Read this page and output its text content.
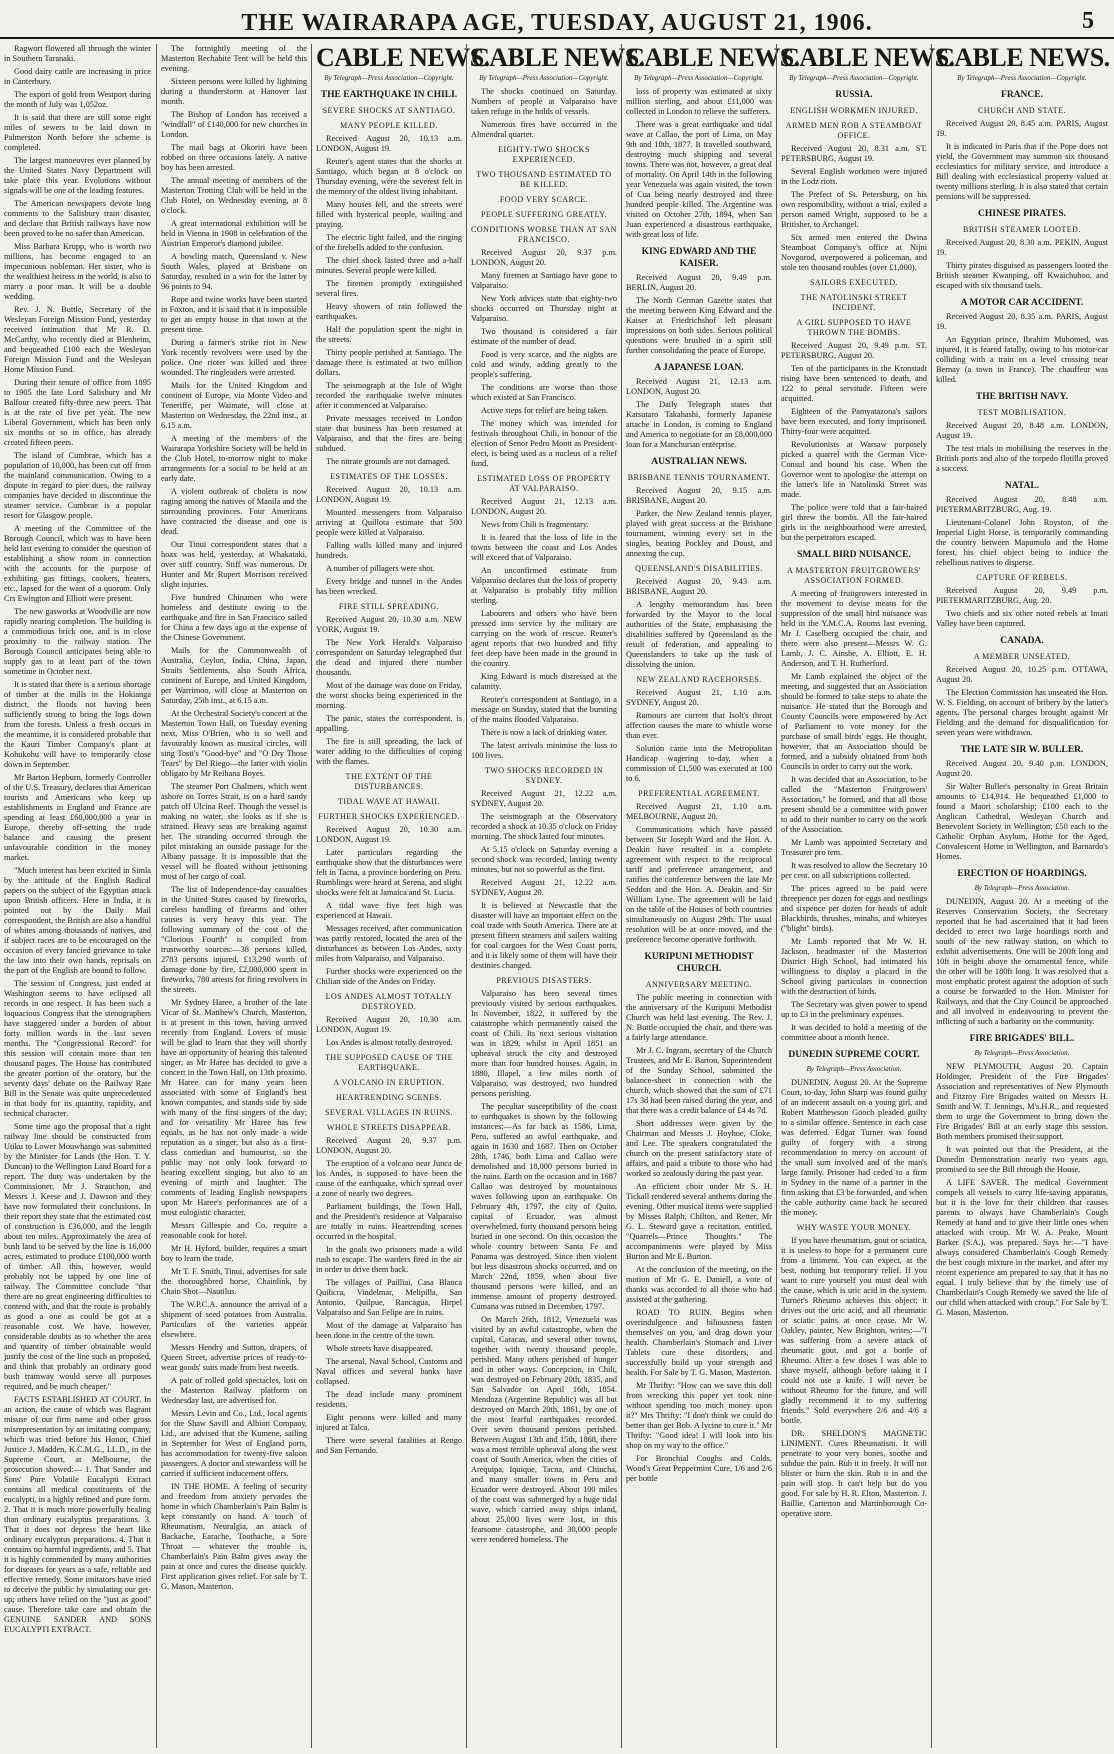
THE WAIRARAPA AGE, TUESDAY, AUGUST 21, 1906.	5

Ragwort flowered all through the winter in Southern Taranaki.

Good dairy cattle are increasing in price in Canterbury.

The export of gold from Westport during the month of July was 1,052oz.

It is said that there are still some eight miles of sewers to be laid down in Palmerston North before the scheme is completed.

The largest manoeuvres ever planned by the United States Navy Department will take place this year. Evolutions without signals will be one of the leading features.

The American newspapers devote long comments to the Salisbury train disaster, and declare that British railways have now been proved to be no safer than American.

Miss Barbara Krupp, who is worth two millions, has become engaged to an impecunious nobleman. Her sister, who is the wealthiest heiress in the world, is also to marry a poor man. It will be a double wedding.

Rev. J. N. Buttle, Secretary of the Wesleyan Foreign Mission Fund, yesterday received intimation that Mr R. D. McCarthy, who recently died at Blenheim, and bequeathed £100 each the Wesleyan Foreign Mission Fund and the Wesleyan Home Mission Fund.

During their tenure of office from 1895 to 1905 the late Lord Salisbury and Mr Balfour created fifty-three new peers. That is at the rate of five per year. The new Liberal Government, which has been only six months or so in office, has already created fifteen peers.

The island of Cumbrae, which has a population of 10,000, has been cut off from the mainland communication. Owing to a dispute in regard to pier dues, the railway companies have decided to discontinue the steamer service. Cumbrae is a popular resort for Glasgow people.

A meeting of the Committee of the Borough Council, which was to have been held last evening to consider the question of establishing a show room in connection with the accounts for the purpose of exhibiting gas fittings, cookers, heaters, etc., lapsed for the want of a quorum. Only Crs Ewington and Elliott were present.

The new gasworks at Woodville are now rapidly nearing completion. The building is a commodious brick one, and is in close proximity to the railway station. The Borough Council anticipates being able to supply gas to at least part of the town sometime in October next.

It is stated that there is a serious shortage of timber at the mills in the Hokianga district, the floods not having been sufficiently strong to bring the logs down from the forests. Unless a fresh occurs in the meantime, it is considered probable that the Kauri Timber Company's plant at Kohukohu will have to temporarily close down in September.

Mr Barton Hepburn, formerly Controller of the U.S. Treasury, declares that American tourists and Americans who keep up establishments in England and France are spending at least £60,000,000 a year in Europe, thereby off-setting the trade balance and causing the present unfavourable condition in the money market.

"Much interest has been excited in Simla by the attitude of the English Radical papers on the subject of the Egyptian attack upon British officers. Here in India, it is pointed out by the Daily Mail correspondent, the British are also a handful of whites among thousands of natives, and if subject races are to be encouraged on the occasion of every fancied grievance to take the law into their own hands, reprisals on the part of the English are bound to follow.

The session of Congress, just ended at Washington seems to have eclipsed all records in one respect. It has been such a loquacious Congress that the stenographers have staggered under a burden of about forty million words in the last seven months. The "Congressional Record" for this session will contain more than ten thousand pages. The House has contributed the greater portion of the oratory, but the seventy days' debate on the Railway Rate Bill in the Senate was quite unprecedented in that body for its quantity, rapidity, and technical character.

Some time ago the proposal that a tight railway line should be constructed from Utiku to Lower Mouwhango was submitted by the Minister for Lands (the Hon. T. Y. Duncan) to the Wellington Land Board for a report. The duty was undertaken by the Commissioner, Mr J. Strauchon, and Messrs J. Keese and J. Dawson and they have now formulated their conclusions. In their report they state that the estimated cost of construction is £36,000, and the length about ten miles. Approximately the area of bush land to be served by the line is 16,000 acres, estimated to produce £100,000 worth of timber. All this, however, would probably not be tapped by one line of railway. The Committee conclude "that there are no great engineering difficulties to contend with, and that the route is probably as good a one as could be got at a reasonable cost. We have, however, considerable doubts as to whether the area and quantity of timber obtainable would justify the cost of the line such as proposed, and think that probably an ordinary good bush tramway would serve all purposes required, and be much cheaper."

FACTS ESTABLISHED AT COURT. In an action, the cause of which was flagrant misuse of our firm name and other gross misrepresentation by an imitating company, which was tried before his Honor, Chief Justice J. Madden, K.C.M.G., LL.D., in the Supreme Court, at Melbourne, the prosecution showed:— 1. That Sander and Sons' Pure Volatile Eucalypti Extract contains all medical constituents of the eucalypti, in a highly refined and pure form. 2. That it is much more powerfully healing than ordinary eucalyptus preparations. 3. That it does not depress the heart like ordinary eucalyptus preparations. 4. That it contains no harmful ingredients, and 5. That it is highly commended by many authorities for diseases for years as a safe, reliable and effective remedy. Some imitators have tried to deceive the public by simulating our get-up; others have relied on the "just as good" cause. Therefore take care and obtain the GENUINE SANDER AND SONS EUCALYPTI EXTRACT.

The fortnightly meeting of the Masterton Rechabite Tent will be held this evening.

Sixteen persons were killed by lightning during a thunderstorm at Hanover last month.

The Bishop of London has received a "windfall" of £140,000 for new churches in London.

The mail bags at Okoriri have been robbed on three occasions lately. A native boy has been arrested.

The annual meeting of members of the Masterton Trotting Club will be held in the Club Hotel, on Wednesday evening, at 8 o'clock.

A great international exhibition will be held in Vienna in 1908 in celebration of the Austrian Emperor's diamond jubilee.

A bowling match, Queensland v. New South Wales, played at Brisbane on Saturday, resulted in a win for the latter by 96 points to 94.

Rope and twine works have been started in Foxton, and it is said that it is impossible to get an empty house in that town at the present time.

During a farmer's strike riot in New York recently revolvers were used by the police. One rioter was killed and three wounded. The ringleaders were arrested.

Mails for the United Kingdom and continent of Europe, via Monte Video and Teneriffe, per Waimate, will close at Masterton on Wednesday, the 22nd inst., at 6.15 a.m.

A meeting of the members of the Wairarapa Yorkshire Society will be held in the Club Hotel, to-morrow night to make arrangements for a social to be held at an early date.

A violent outbreak of cholera is now raging among the natives of Manila and the surrounding provinces. Four Americans have contracted the disease and one is dead.

Our Tinui correspondent states that a hoax was held, yesterday, at Whakataki, over stiff country. Stiff was numerous. Dr Hunter and Mr Rupert Morrison received slight injuries.

Five hundred Chinamen who were homeless and destitute owing to the earthquake and fire in San Francisco sailed for China a few days ago at the expense of the Chinese Government.

Mails for the Commonwealth of Australia, Ceylon, India, China, Japan, Straits Settlements, also South Africa, continent of Europe, and United Kingdom, per Warrimoo, will close at Masterton on Saturday, 25th inst., at 6.15 a.m.

At the Orchestral Society's concert at the Masterton Town Hall, on Tuesday evening next, Miss O'Brien, who is so well and favourably known as musical circles, will sing Tosti's "Good-bye" and "O Dry Those Tears" by Del Riego—the latter with violin obligato by Mr Reihana Boyes.

The steamer Port Chalmers, which went ashore on Torres Strait, is on a hard sandy patch off Ulcina Reef. Though the vessel is making no water, she looks as if she is strained. Heavy seas are breaking against her. The stranding occurred through the pilot mistaking an outside passage for the Albany passage. It is impossible that the vessel will be floated without jettisoning most of her cargo of coal.

The list of Independence-day casualties in the United States caused by fireworks, careless handling of firearms and other causes is very heavy this year. The following summary of the cost of the "Glorious Fourth" is compiled from trustworthy sources:—38 persons killed, 2783 persons injured, £13,290 worth of damage done by fire, £2,000,000 spent in fireworks, 780 arrests for firing revolvers in the streets.

Mr Sydney Haree, a brother of the late Vicar of St. Matthew's Church, Masterton, is at present in this town, having arrived recently from England. Lovers of music will be glad to learn that they will shortly have an opportunity of hearing this talented singer, as Mr Haree has decided to give a concert in the Town Hall, on 13th proximo. Mr Haree can for many years been associated with some of England's best known companies, and stands side by side with many of the first singers of the day; and for versatility Mr Haree has few equals, as he has not only made a wide reputation as a singer, but also as a first-class comedian and humourist, so the public may not only look forward to hearing excellent singing, but also to an evening of mirth and laughter. The comments of leading English newspapers upon Mr Haree's performances are of a most eulogistic character.

Messrs Gillespie and Co. require a reasonable cook for hotel.

Mr H. Hyford, builder, requires a smart boy to learn the trade.

Mr T. F. Smith, Tinui, advertises for sale the thoroughbred horse, Chainlink, by Chain Shot—Nautilus.

The W.P.C.A. announce the arrival of a shipment of seed potatoes from Australia. Particulars of the varieties appear elsewhere.

Messrs Hendry and Sutton, drapers, of Queen Street, advertise prices of ready-to-wear goods' suits made from best tweeds.

A pair of rolled gold spectacles, lost on the Masterton Railway platform on Wednesday last, are advertised for.

Messrs Levin and Co., Ltd., local agents for the Shaw Savill and Albion Company, Ltd., are advised that the Kumene, sailing in September for West of England ports, has accommodation for twenty-five saloon passengers. A doctor and stewardess will be carried if sufficient inducement offers.

IN THE HOME. A feeling of security and freedom from anxiety pervades the home in which Chamberlain's Pain Balm is kept constantly on hand. A touch of Rheumatism, Neuralgia, an attack of Backache, Earache, Toothache, a Sore Throat — whatever the trouble is, Chamberlain's Pain Balm gives away the pain at once and cures the disease quickly. First application gives relief. For sale by T. G. Mason, Masterton.

CABLE NEWS.

By Telegraph—Press Association—Copyright.

THE EARTHQUAKE IN CHILI.
SEVERE SHOCKS AT SANTIAGO.
MANY PEOPLE KILLED.

Received August 20, 10.13 a.m. LONDON, August 19.

Reuter's agent states that the shocks at Santiago, which began at 8 o'clock on Thursday evening, were the severest felt in the memory of the oldest living inhabitant.

Many houses fell, and the streets were filled with hysterical people, wailing and praying.

The electric light failed, and the ringing of the firebells added to the confusion.

The chief shock lasted three and a-half minutes. Several people were killed.

The firemen promptly extinguished several fires.

Heavy showers of rain followed the earthquakes.

Half the population spent the night in the streets.

Thirty people perished at Santiago. The damage there is estimated at two million dollars.

The seismograph at the Isle of Wight recorded the earthquake twelve minutes after it commenced at Valparaiso.

Private messages received in London state that business has been resumed at Valparaiso, and that the fires are being subdued.

The nitrate grounds are not damaged.

ESTIMATES OF THE LOSSES.

Received August 20, 10.13 a.m. LONDON, August 19.

Mounted messengers from Valparaiso arriving at Quillota estimate that 500 people were killed at Valparaiso.

Falling walls killed many and injured hundreds.

A number of pillagers were shot.

Every bridge and tunnel in the Andes has been wrecked.

FIRE STILL SPREADING.

Received August 20, 10.30 a.m. NEW YORK, August 19.

The New York Herald's Valparaiso correspondent on Saturday telegraphed that the dead and injured there number thousands.

Most of the damage was done on Friday, the worst shocks being experienced in the morning.

The panic, states the correspondent, is appalling.

The fire is still spreading, the lack of water adding to the difficulties of coping with the flames.

THE EXTENT OF THE DISTURBANCES.
TIDAL WAVE AT HAWAII.
FURTHER SHOCKS EXPERIENCED.

Received August 20, 10.30 a.m. LONDON, August 19.

Later particulars regarding the earthquake show that the disturbances were felt in Tacna, a province bordering on Peru. Rumblings were heard at Serena, and slight shocks were felt at Jamaica and St. Lucia.

A tidal wave five feet high was experienced at Hawaii.

Messages received, after communication was partly restored, located the area of the disturbances as between Los Andes, sixty miles from Valparaiso, and Valparaiso.

Further shocks were experienced on the Chilian side of the Andes on Friday.

LOS ANDES ALMOST TOTALLY DESTROYED.

Received August 20, 10.30 a.m. LONDON, August 19.

Los Andes is almost totally destroyed.

THE SUPPOSED CAUSE OF THE EARTHQUAKE.
A VOLCANO IN ERUPTION.
HEARTRENDING SCENES.
SEVERAL VILLAGES IN RUINS.
WHOLE STREETS DISAPPEAR.

Received August 20, 9.37 p.m. LONDON, August 20.

The eruption of a volcano near Junca de los Andes, is supposed to have been the cause of the earthquake, which spread over a zone of nearly two degrees.

Parliament buildings, the Town Hall, and the President's residence at Valparaiso are totally in ruins. Heartrending scenes occurred in the hospital.

In the goals two prisoners made a wild rush to escape. The warders fired in the air in order to drive them back.

The villages of Pailliai, Casa Blanca Quilicra, Vindelmar, Melipilla, San Antonio, Quilpue, Rancagua, Hirpel Valparaiso and San Felipe are in ruins.

Most of the damage at Valparaiso has been done in the centre of the town.

Whole streets have disappeared.

The arsenal, Naval School, Customs and Naval offices and several banks have collapsed.

The dead include many prominent residents.

Eight persons were killed and many injured at Talca.

There were several fatalities at Rengo and San Fernando.

CABLE NEWS.

By Telegraph—Press Association—Copyright.

The shocks continued on Saturday. Numbers of people at Valparaiso have taken refuge in the holds of vessels.

Numerous fires have occurred in the Almendral quarter.

EIGHTY-TWO SHOCKS EXPERIENCED.
TWO THOUSAND ESTIMATED TO BE KILLED.
FOOD VERY SCARCE.
PEOPLE SUFFERING GREATLY.
CONDITIONS WORSE THAN AT SAN FRANCISCO.

Received August 20, 9.37 p.m. LONDON, August 20.

Many firemen at Santiago have gone to Valparaiso.

New York advices state that eighty-two shocks occurred on Thursday night at Valparaiso.

Two thousand is considered a fair estimate of the number of dead.

Food is very scarce, and the nights are cold and windy, adding greatly to the people's suffering.

The conditions are worse than those which existed at San Francisco.

Active steps for relief are being taken.

The money which was intended for festivals throughout Chili, in honour of the election of Senor Pedro Montt as President-elect, is being used as a nucleus of a relief fund.

ESTIMATED LOSS OF PROPERTY AT VALPARAISO.

Received August 21, 12.13 a.m. LONDON, August 20.

News from Chili is fragmentary.

It is feared that the loss of life in the towns between the coast and Los Andes will exceed that of Valparaiso.

An unconfirmed estimate from Valparaiso declares that the loss of property at Valparaiso is probably fifty million sterling.

Labourers and others who have been pressed into service by the military are carrying on the work of rescue. Reuter's agent reports that two hundred and fifty feet deep have been made in the ground in the country.

King Edward is much distressed at the calamity.

Reuter's correspondent at Santiago, in a message on Sunday, stated that the bursting of the mains flooded Valparaiso.

There is now a lack of drinking water.

The latest arrivals minimise the loss to 100 lives.

TWO SHOCKS RECORDED IN SYDNEY.

Received August 21, 12.22 a.m. SYDNEY, August 20.

The seismograph at the Observatory recorded a shock at 10.35 o'clock on Friday morning. The shock lasted four minutes.

At 5.15 o'clock on Saturday evening a second shock was recorded, lasting twenty minutes, but not so powerful as the first.

Received August 21, 12.22 a.m. SYDNEY, August 20.

It is believed at Newcastle that the disaster will have an important effect on the coal trade with South America. There are at present fifteen steamers and sailers waiting for coal cargoes for the West Coast ports, and it is likely some of them will have their destinies changed.

PREVIOUS DISASTERS.

Valparaiso has been several times previously visited by serious earthquakes. In November, 1822, it suffered by the catastrophe which permanently raised the coast of Chili. Its next serious visitation was in 1829, whilst in April 1851 an upheaval struck the city and destroyed more than four hundred houses. Again, in 1880, Illapel, a few miles north of Valparaiso, was destroyed, two hundred persons perishing.

The peculiar susceptibility of the coast to earthquakes is shown by the following instances:—As far back as 1586, Lima, Peru, suffered an awful earthquake, and again in 1630 and 1687. Then on October 28th, 1746, both Lima and Callao were demolished and 18,000 persons buried in the ruins. Earth on the occasion and in 1687 Callao was destroyed by mountainous waves following upon an earthquake. On February 4th, 1797, the city of Quito, capital of Ecuador, was almost overwhelmed, forty thousand persons being buried in one second. On this occasion the whole country between Santa Fe and Panama was destroyed. Since then violent but less disastrous shocks occurred, and on March 22nd, 1859, when about five thousand persons were killed, and an immense amount of property destroyed. Cumana was ruined in December, 1797.

On March 26th, 1812, Venezuela was visited by an awful catastrophe, when the capital, Caracas, and several other towns, together with twenty thousand people, perished. Many others perished of hunger and in other ways. Concepcion, in Chili, was destroyed on February 20th, 1835, and San Salvador on April 16th, 1854. Mendoza (Argentine Republic) was all but destroyed on March 20th, 1861, by one of the most fearful earthquakes recorded. Over seven thousand persons perished. Between August 13th and 15th, 1868, there was a most terrible upheaval along the west coast of South America, when the cities of Arequipa, Iquique, Tacna, and Chincha, and many smaller towns in Peru and Ecuador were destroyed. About 100 miles of the coast was submerged by a huge tidal wave, which carried away ships inland, about 25,000 lives were lost, in this fearsome catastrophe, and 30,000 people were rendered homeless. The

CABLE NEWS.

By Telegraph—Press Association—Copyright.

loss of property was estimated at sixty million sterling, and about £11,000 was collected in London to relieve the sufferers.

There was a great earthquake and tidal wave at Callao, the port of Lima, on May 9th and 10th, 1877. It travelled southward, destroying much shipping and several towns. There was not, however, a great deal of mortality. On April 14th in the following year Venezuela was again visited, the town of Cua being nearly destroyed and three hundred people killed. The Argentine was visited on October 27th, 1894, when San Juan experienced a disastrous earthquake, with great loss of life.

KING EDWARD AND THE KAISER.

Received August 20, 9.49 p.m. BERLIN, August 20.

The North German Gazette states that the meeting between King Edward and the Kaiser at Friedrichshof left pleasant impressions on both sides. Serious political questions were brushed in a spirit still further consolidating the peace of Europe.

A JAPANESE LOAN.

Received August 21, 12.13 a.m. LONDON, August 20.

The Daily Telegraph states that Katsutaro Takahashi, formerly Japanese attache in London, is coming to England and America to negotiate for an £8,000,000 loan for a Manchurian enterprise.

AUSTRALIAN NEWS.
BRISBANE TENNIS TOURNAMENT.

Received August 20, 9.15 a.m. BRISBANE, August 20.

Parker, the New Zealand tennis player, played with great success at the Brisbane tournament, winning every set in the singles, beating Pockley and Doust, and annexing the cup.

QUEENSLAND'S DISABILITIES.

Received August 20, 9.43 a.m. BRISBANE, August 20.

A lengthy memorandum has been forwarded by the Mayor to the local authorities of the State, emphasising the disabilities suffered by Queensland as the result of federation, and appealing to Queenslanders to take up the task of dissolving the union.

NEW ZEALAND RACEHORSES.

Received August 21, 1.10 a.m. SYDNEY, August 20.

Rumours are current that Isolt's throat affection causes the mare to whistle worse than ever.

Solution came into the Metropolitan Handicap wagering to-day, when a commission of £1,500 was executed at 100 to 6.

PREFERENTIAL AGREEMENT.

Received August 21, 1.10 a.m. MELBOURNE, August 20.

Communications which have passed between Sir Joseph Ward and the Hon. A. Deakin have resulted in a complete agreement with respect to the reciprocal tariff and preference arrangement, and ratifies the conference between the late Mr Seddon and the Hon. A. Deakin and Sir William Lyne. The agreement will be laid on the table of the Houses of both countries simultaneously on August 29th. The usual resolution will be at once moved, and the preference become operative forthwith.

KURIPUNI METHODIST CHURCH.
ANNIVERSARY MEETING.

The public meeting in connection with the anniversary of the Kuripuni Methodist Church was held last evening. The Rev. J. N. Buttle occupied the chair, and there was a fairly large attendance.

Mr J. C. Ingram, secretary of the Church Trustees, and Mr E. Barton, Superintendent of the Sunday School, submitted the balance-sheet in connection with the church, which showed that the sum of £71 17s 3d had been raised during the year, and that there was a credit balance of £4 4s 7d.

Short addresses were given by the Chairman and Messrs J. Hoyhoe, Cloke, and Lee. The speakers congratulated the church on the present satisfactory state of affairs, and paid a tribute to those who had worked so zealously during the past year.

An efficient choir under Mr S. H. Tickall rendered several anthems during the evening. Other musical items were supplied by Misses Ralph, Chilton, and Retter, Mr G. L. Steward gave a recitation, entitled, "Quarrels—Prince Thoughts." The accompaniments were played by Miss Burton and Mr E. Burton.

At the conclusion of the meeting, on the motion of Mr G. E. Daniell, a vote of thanks was accorded to all those who had assisted at the gathering.

ROAD TO RUIN. Begins when overindulgence and biliousness fasten themselves on you, and drag down your health. Chamberlain's Stomach and Liver Tablets cure these disorders, and successfully build up your strength and health. For Sale by T. G. Mason, Masterton.

Mr Thrifty: "How can we save this doll from wrecking this paper yet took nine without spending too much money upon it?" Mrs Thrifty: "I don't think we could do better than get Bob. A lycine to cure it." Mr Thrifty: "Good idea! I will look into his shop on my way to the office."

For Bronchial Coughs and Colds, Wood's Great Peppermint Cure, 1/6 and 2/6 per bottle

CABLE NEWS.

By Telegraph—Press Association—Copyright.

RUSSIA.
ENGLISH WORKMEN INJURED.
ARMED MEN ROB A STEAMBOAT OFFICE.

Received August 20, 8.31 a.m. ST. PETERSBURG, August 19.

Several English workmen were injured in the Lodz riots.

The Prefect of St. Petersburg, on his own responsibility, without a trial, exiled a person named Wright, supposed to be a Britisher, to Archangel.

Six armed men entered the Dwina Steamboat Company's office at Nijni Novgorod, overpowered a policeman, and stole ten thousand roubles (over £1,000).

SAILORS EXECUTED.
THE NATOLINSKI STREET INCIDENT.
A GIRL SUPPOSED TO HAVE THROWN THE BOMBS.

Received August 20, 9.49 p.m. ST. PETERSBURG, August 20.

Ten of the participants in the Kronstadt rising have been sentenced to death, and 122 to penal servitude. Fifteen were acquitted.

Eighteen of the Pamyatazona's sailors have been executed, and forty imprisoned. Thirty-four were acquitted.

Revolutionists at Warsaw purposely picked a quarrel with the German Vice-Consul and bound his case. When the Governor went to apologise the attempt on the latter's life in Natolinski Street was made.

The police were told that a fair-haired girl threw the bombs. All the fair-haired girls in the neighbourhood were arrested, but the perpetrators escaped.

SMALL BIRD NUISANCE.
A MASTERTON FRUITGROWERS' ASSOCIATION FORMED.

A meeting of fruitgrowers interested in the movement to devise means for the suppression of the small bird nuisance was held in the Y.M.C.A. Rooms last evening. Mr J. Caselberg occupied the chair, and there were also present—Messrs W. G. Lamb, J. C. Ainsbe, A. Elliott, E. H. Anderson, and T. H. Rutherford.

Mr Lamb explained the object of the meeting, and suggested that an Association should be formed to take steps to abate the nuisance. He stated that the Borough and County Councils were empowered by Act of Parliament to vote money for the purchase of small birds' eggs. He thought, however, that an Association should be formed, and a subsidy obtained from both Councils in order to carry out the work.

It was decided that an Association, to be called the "Masterton Fruitgrowers' Association," be formed, and that all those present should be a committee with power to add to their number to carry on the work of the Association.

Mr Lamb was appointed Secretary and Treasurer pro tem.

It was resolved to allow the Secretary 10 per cent. on all subscriptions collected.

The prices agreed to be paid were threepence per dozen for eggs and nestlings and sixpence per dozen for heads of adult Blackbirds, thrushes, minahs, and whiteyes ("blight" birds).

Mr Lamb reported that Mr W. H. Jackson, headmaster of the Masterton District High School, had intimated his willingness to display a placard in the School giving particulars in connection with the destruction of birds.

The Secretary was given power to spend up to £3 in the preliminary expenses.

It was decided to hold a meeting of the committee about a month hence.

DUNEDIN SUPREME COURT.

By Telegraph—Press Association.

DUNEDIN, August 20. At the Supreme Court, to-day, John Sharp was found guilty of an indecent assault on a young girl, and Robert Matthewson Gooch pleaded guilty to a similar offence. Sentence in each case was deferred. Edgar Turner was found guilty of forgery with a strong recommendation to mercy on account of the small sum involved and of the man's large family. Prisoner had ceded to a firm in Sydney in the name of a partner in the firm asking that £3 be forwarded, and when the cable authority came back he secured the money.

WHY WASTE YOUR MONEY.

If you have rheumatism, gout or sciatica, it is useless to hope for a permanent cure from a liniment. You can expect, at the best, nothing but temporary relief. If you want to cure yourself you must deal with the cause, which is uric acid in the system. Turner's Rheumo achieves this object; it drives out the uric acid, and all rheumatic or sciatic pains at once cease. Mr W. Oakley, painter, New Brighton, writes:—"I was suffering from a severe attack of rheumatic gout, and got a bottle of Rheumo. After a few doses I was able to shave myself, although before taking it I could not use a knife. I will never be without Rheumo for the future, and will gladly recommend it to my suffering friends." Sold everywhere 2/6 and 4/6 a bottle.

DR. SHELDON'S MAGNETIC LINIMENT. Cures Rheumatism. It will penetrate to your very bones, soothe and subdue the pain. Rub it in freely. It will not blister or burn the skin. Rub it in and the pain will stop. It can't help but do you good. For sale by H. R. Elton, Masterton. J. Baillie, Carterton and Martinborough Co-operative store.

CABLE NEWS.

By Telegraph—Press Association—Copyright.

FRANCE.
CHURCH AND STATE.

Received August 20, 8.45 a.m. PARIS, August 19.

It is indicated in Paris that if the Pope does not yield, the Government may summon six thousand ecclesiastics for military service, and introduce a Bill dealing with ecclesiastical property valued at twenty millions sterling. It is also stated that certain pensions will be suppressed.

CHINESE PIRATES.
BRITISH STEAMER LOOTED.

Received August 20, 8.30 a.m. PEKIN, August 19.

Thirty pirates disguised as passengers looted the British steamer Kwanping, off Kwaichuhoo, and escaped with six thousand taels.

A MOTOR CAR ACCIDENT.

Received August 20, 8.35 a.m. PARIS, August 19.

An Egyptian prince, Ibrahim Muhomed, was injured, it is feared fatally, owing to his motor-car colliding with a train on a level crossing near Bernay (a town in France). The chauffeur was killed.

THE BRITISH NAVY.
TEST MOBILISATION.

Received August 20, 8.48 a.m. LONDON, August 19.

The test trials in mobilising the reserves in the British ports and also of the torpedo flotilla proved a success.

NATAL.

Received August 20, 8.48 a.m. PIETERMARITZBURG, Aug. 19.

Lieutenant-Colonel John Royston, of the Imperial Light Horse, is temporarily commanding the country between Mapumulo and the Home forest, his chief object being to induce the rebellious natives to disperse.

CAPTURE OF REBELS.

Received August 20, 9.49 p.m. PIETERMARITZBURG, Aug. 20.

Two chiefs and six other noted rebels at Imati Valley have been captured.

CANADA.
A MEMBER UNSEATED.

Received August 20, 10.25 p.m. OTTAWA, August 20.

The Election Commission has unseated the Hon. W. S. Fielding, on account of bribery by the latter's agents. The personal charges brought against Mr Fielding and the demand for disqualification for seven years were withdrawn.

THE LATE SIR W. BULLER.

Received August 20, 9.40 p.m. LONDON, August 20.

Sir Walter Buller's personalty in Great Britain amounts to £14,914. He bequeathed £1,000 to found a Maori scholarship; £100 each to the Anglican Cathedral, Wesleyan Church and Benevolent Society in Wellington; £50 each to the Catholic Orphan Asylum, Home for the Aged, Convalescent Home in Wellington, and Barnardo's Homes.

ERECTION OF HOARDINGS.

By Telegraph—Press Association.

DUNEDIN, August 20. At a meeting of the Reserves Conservation Society, the Secretary reported that he had ascertained that it had been decided to erect two large hoardings north and south of the new railway station, on which to exhibit advertisements. One will be 200ft long and 10ft in height above the ornamental fence, while the other will be 180ft long. It was resolved that a most emphatic protest against the adoption of such a course be forwarded to the Hon. Minister for Railways, and that the City Council be approached and all involved in endeavouring to prevent the inflicting of such a barbarity on the community.

FIRE BRIGADES' BILL.

By Telegraph—Press Association.

NEW PLYMOUTH, August 20. Captain Holdinger, President of the Fire Brigades' Association and representatives of New Plymouth and Fitzroy Fire Brigades waited on Messrs H. Smith and W. T. Jennings, M's.H.R., and requested them to urge the Government to bring down the Fire Brigades' Bill at an early stage this session. Both members promised their support.

It was pointed out that the President, at the Dunedin Demonstration nearly two years ago, promised to see the Bill through the House.

A LIFE SAVER. The medical Government compels all vessels to carry life-saving apparatus, but it is the love for their children that causes parents to always have Chamberlain's Cough Remedy at hand and to give their little ones when attacked with croup. Mr W. A. Peake, Mount Barker (S.A.), was prepared. Says he:—"I have always considered Chamberlain's Cough Remedy the best cough mixture in the market, and after my recent experience am prepared to say that it has no equal. I truly believe that by the timely use of Chamberlain's Cough Remedy we saved the life of our child when attacked with croup." For Sale by T. G. Mason, Masterton.
